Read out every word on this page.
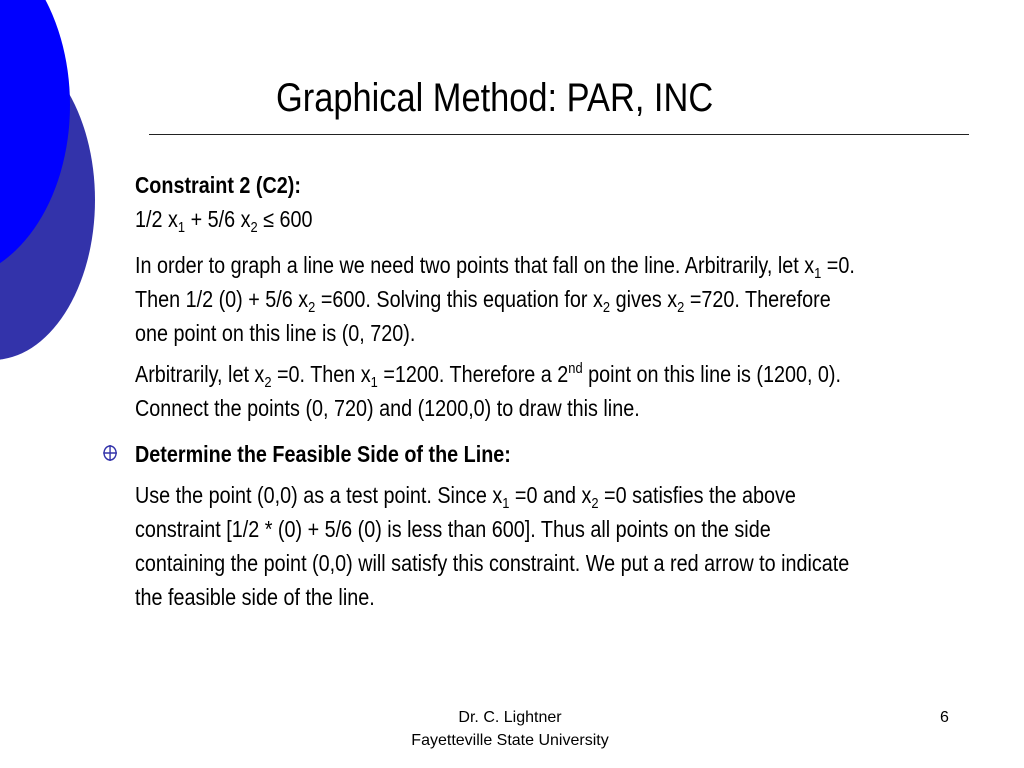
Graphical Method: PAR, INC

Constraint 2 (C2):

1/2 $x_1 + 5/6$ $x_2 \le 600$

In order to graph a line we need two points that fall on the line. Arbitrarily, let $x_1 =0$.
Then 1/2 (0) + 5/6 $x_2 =600$. Solving this equation for $x_2$ gives $x_2 =720$. Therefore
one point on this line is (0, 720).

Arbitrarily, let $x_2 =0$. Then $x_1 =1200$. Therefore a 2nd point on this line is (1200, 0).
Connect the points (0, 720) and (1200,0) to draw this line.

Determine the Feasible Side of the Line:

Use the point (0,0) as a test point. Since $x_1 =0$ and $x_2 =0$ satisfies the above
constraint [1/2 * (0) + 5/6 (0) is less than 600]. Thus all points on the side
containing the point (0,0) will satisfy this constraint. We put a red arrow to indicate
the feasible side of the line.

Dr. C. Lightner
Fayetteville State University
6
